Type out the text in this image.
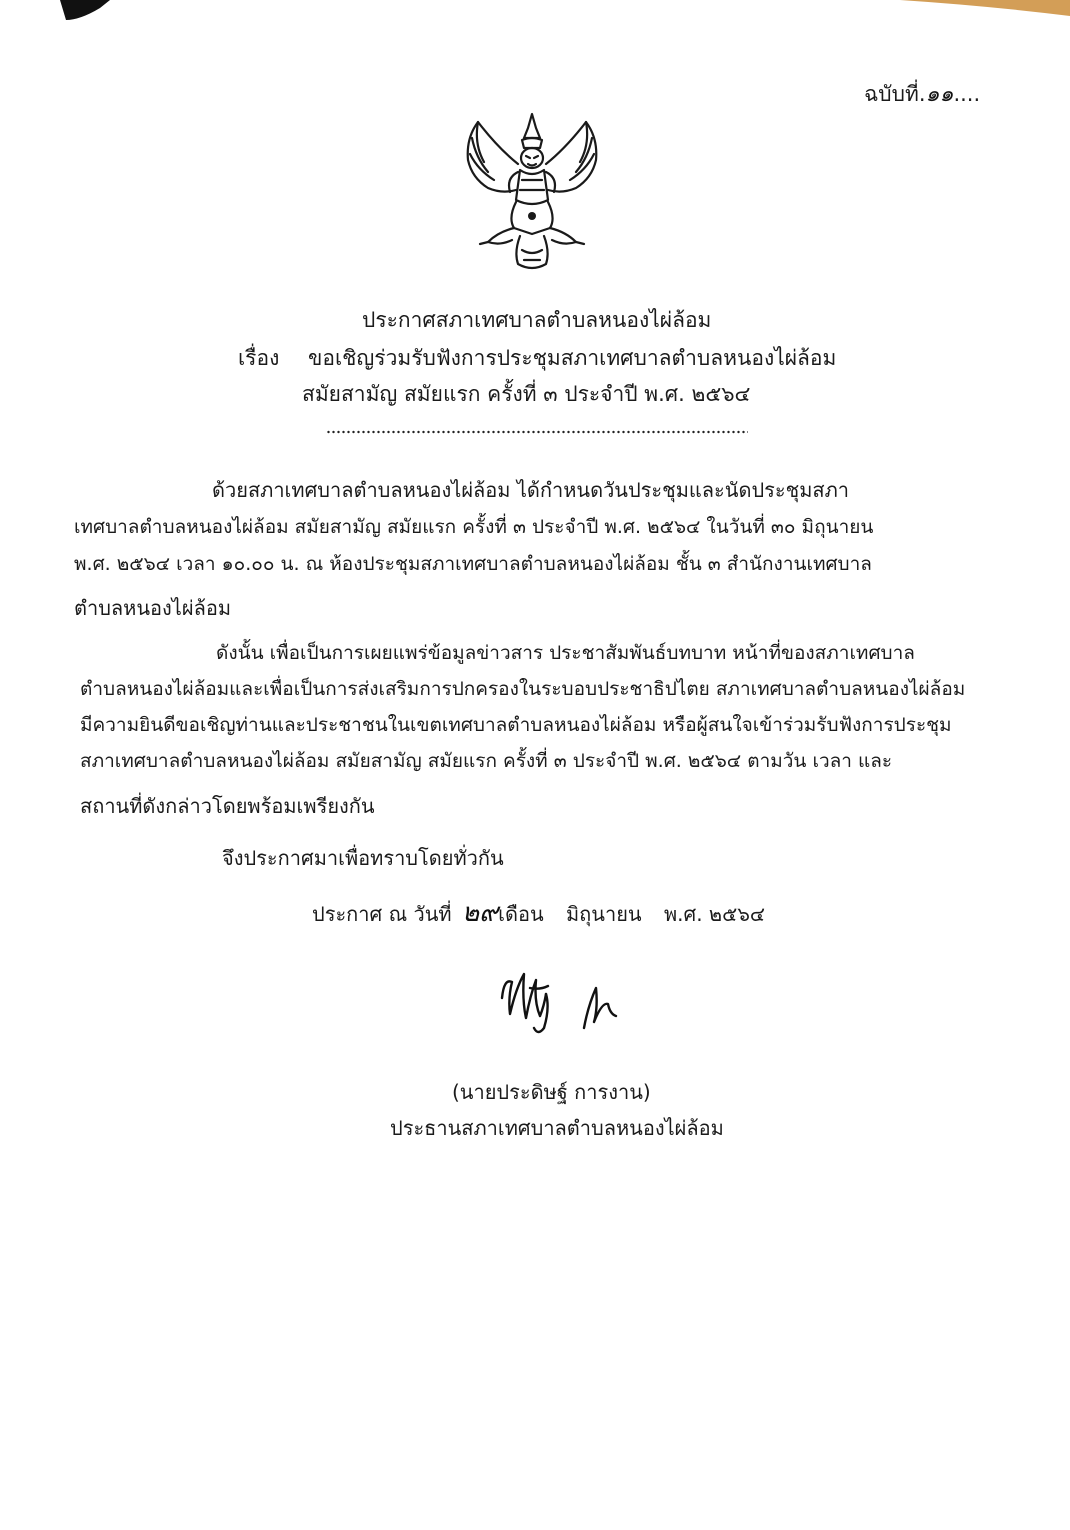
ฉบับที่.๑๑....
ประกาศสภาเทศบาลตำบลหนองไผ่ล้อม
เรื่อง ขอเชิญร่วมรับฟังการประชุมสภาเทศบาลตำบลหนองไผ่ล้อม
สมัยสามัญ สมัยแรก ครั้งที่ ๓ ประจำปี พ.ศ. ๒๕๖๔
ด้วยสภาเทศบาลตำบลหนองไผ่ล้อม ได้กำหนดวันประชุมและนัดประชุมสภา
เทศบาลตำบลหนองไผ่ล้อม สมัยสามัญ สมัยแรก ครั้งที่ ๓ ประจำปี พ.ศ. ๒๕๖๔ ในวันที่ ๓๐ มิถุนายน
พ.ศ. ๒๕๖๔ เวลา ๑๐.๐๐ น. ณ ห้องประชุมสภาเทศบาลตำบลหนองไผ่ล้อม ชั้น ๓ สำนักงานเทศบาล
ตำบลหนองไผ่ล้อม
ดังนั้น เพื่อเป็นการเผยแพร่ข้อมูลข่าวสาร ประชาสัมพันธ์บทบาท หน้าที่ของสภาเทศบาล
ตำบลหนองไผ่ล้อมและเพื่อเป็นการส่งเสริมการปกครองในระบอบประชาธิปไตย สภาเทศบาลตำบลหนองไผ่ล้อม
มีความยินดีขอเชิญท่านและประชาชนในเขตเทศบาลตำบลหนองไผ่ล้อม หรือผู้สนใจเข้าร่วมรับฟังการประชุม
สภาเทศบาลตำบลหนองไผ่ล้อม สมัยสามัญ สมัยแรก ครั้งที่ ๓ ประจำปี พ.ศ. ๒๕๖๔ ตามวัน เวลา และ
สถานที่ดังกล่าวโดยพร้อมเพรียงกัน
จึงประกาศมาเพื่อทราบโดยทั่วกัน
ประกาศ ณ วันที่ ๒๙เดือน มิถุนายน พ.ศ. ๒๕๖๔
(นายประดิษฐ์ การงาน)
ประธานสภาเทศบาลตำบลหนองไผ่ล้อม
